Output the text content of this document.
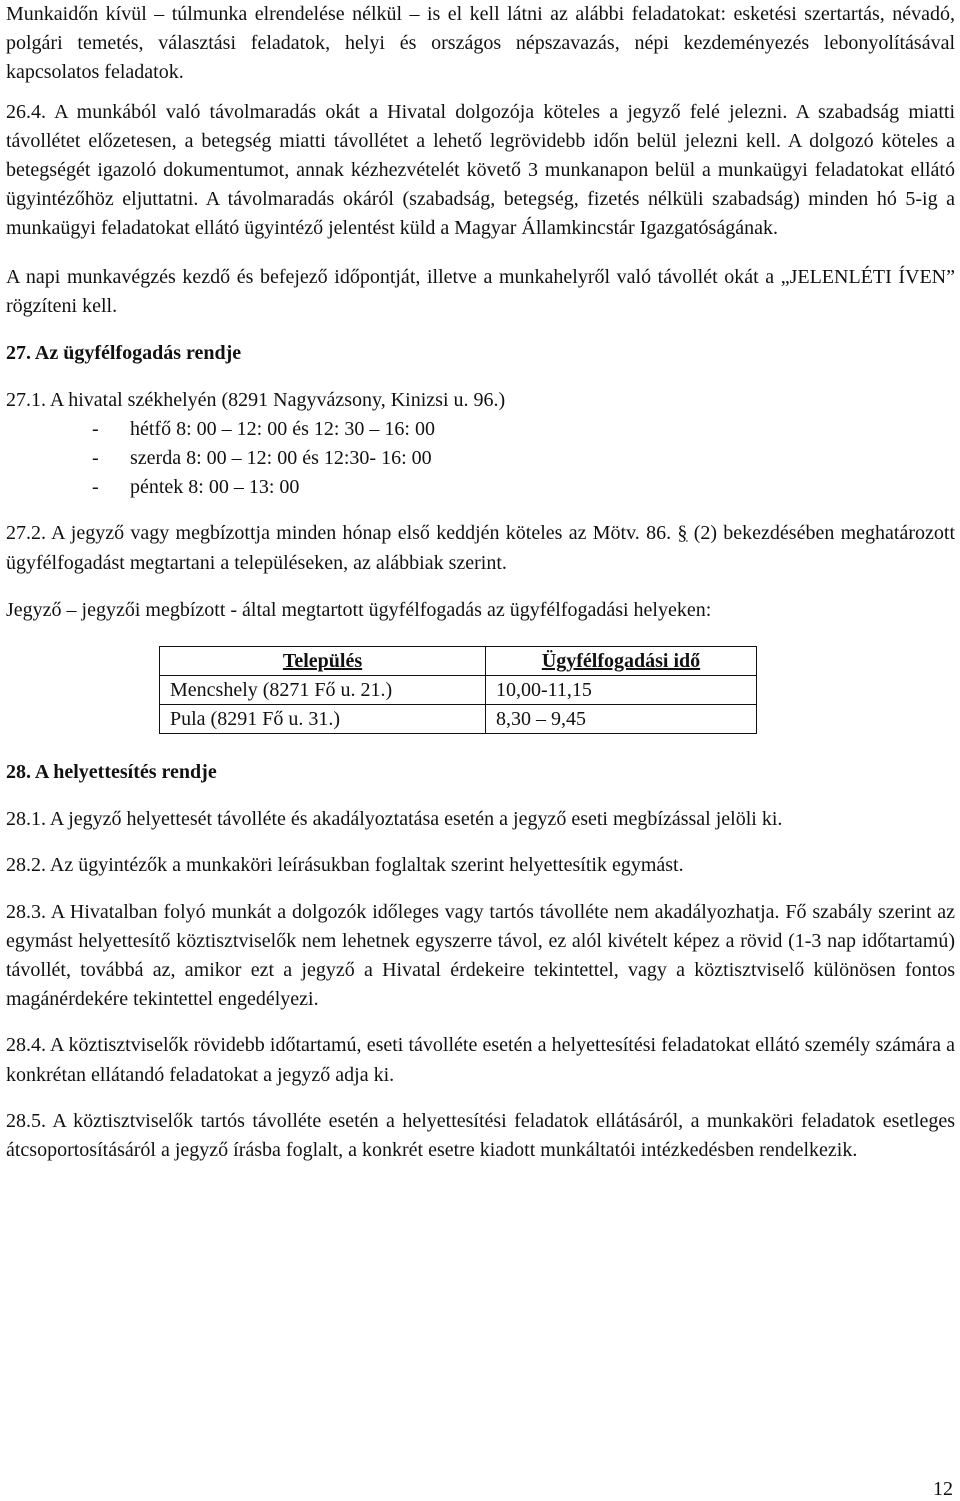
Munkaidőn kívül – túlmunka elrendelése nélkül – is el kell látni az alábbi feladatokat: esketési szertartás, névadó, polgári temetés, választási feladatok, helyi és országos népszavazás, népi kezdeményezés lebonyolításával kapcsolatos feladatok.

26.4. A munkából való távolmaradás okát a Hivatal dolgozója köteles a jegyző felé jelezni. A szabadság miatti távollétet előzetesen, a betegség miatti távollétet a lehető legrövidebb időn belül jelezni kell. A dolgozó köteles a betegségét igazoló dokumentumot, annak kézhezvételét követő 3 munkanapon belül a munkaügyi feladatokat ellátó ügyintézőhöz eljuttatni. A távolmaradás okáról (szabadság, betegség, fizetés nélküli szabadság) minden hó 5-ig a munkaügyi feladatokat ellátó ügyintéző jelentést küld a Magyar Államkincstár Igazgatóságának.

A napi munkavégzés kezdő és befejező időpontját, illetve a munkahelyről való távollét okát a „JELENLÉTI ÍVEN” rögzíteni kell.

27. Az ügyfélfogadás rendje

27.1. A hivatal székhelyén (8291 Nagyvázsony, Kinizsi u. 96.)

- hétfő 8: 00 – 12: 00 és 12: 30 – 16: 00
- szerda 8: 00 – 12: 00 és 12:30- 16: 00
- péntek 8: 00 – 13: 00

27.2. A jegyző vagy megbízottja minden hónap első keddjén köteles az Mötv. 86. § (2) bekezdésében meghatározott ügyfélfogadást megtartani a településeken, az alábbiak szerint.

Jegyző – jegyzői megbízott - által megtartott ügyfélfogadás az ügyfélfogadási helyeken:

Település	Ügyfélfogadási idő
Mencshely (8271 Fő u. 21.)	10,00-11,15
Pula (8291 Fő u. 31.)	8,30 – 9,45

28. A helyettesítés rendje

28.1. A jegyző helyettesét távolléte és akadályoztatása esetén a jegyző eseti megbízással jelöli ki.

28.2. Az ügyintézők a munkaköri leírásukban foglaltak szerint helyettesítik egymást.

28.3. A Hivatalban folyó munkát a dolgozók időleges vagy tartós távolléte nem akadályozhatja. Fő szabály szerint az egymást helyettesítő köztisztviselők nem lehetnek egyszerre távol, ez alól kivételt képez a rövid (1-3 nap időtartamú) távollét, továbbá az, amikor ezt a jegyző a Hivatal érdekeire tekintettel, vagy a köztisztviselő különösen fontos magánérdekére tekintettel engedélyezi.

28.4. A köztisztviselők rövidebb időtartamú, eseti távolléte esetén a helyettesítési feladatokat ellátó személy számára a konkrétan ellátandó feladatokat a jegyző adja ki.

28.5. A köztisztviselők tartós távolléte esetén a helyettesítési feladatok ellátásáról, a munkaköri feladatok esetleges átcsoportosításáról a jegyző írásba foglalt, a konkrét esetre kiadott munkáltatói intézkedésben rendelkezik.

12
